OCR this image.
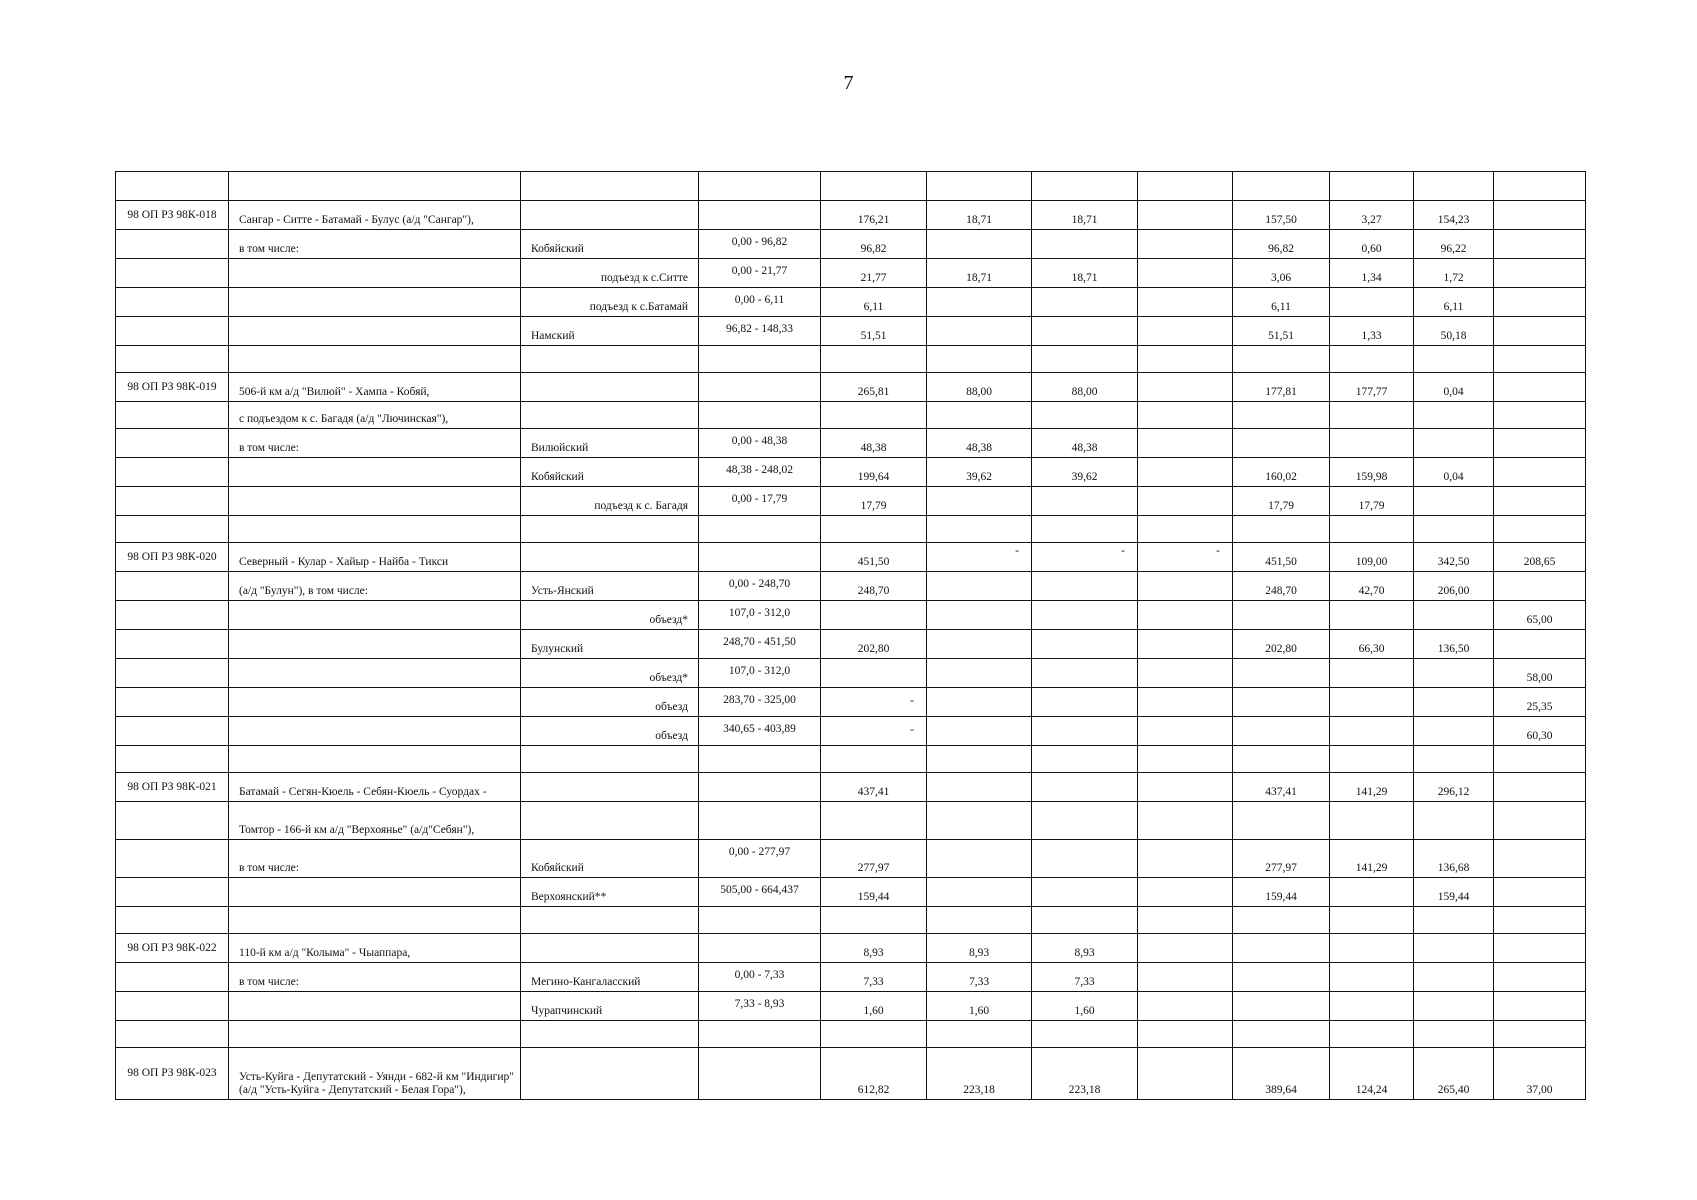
7

98 ОП РЗ 98К-018	Сангар - Ситте - Батамай - Булус (а/д "Сангар"),			176,21	18,71	18,71		157,50	3,27	154,23	
	в том числе:	Кобяйский	0,00 - 96,82	96,82				96,82	0,60	96,22	
		подъезд к с.Ситте	0,00 - 21,77	21,77	18,71	18,71		3,06	1,34	1,72	
		подъезд к с.Батамай	0,00 - 6,11	6,11				6,11		6,11	
		Намский	96,82 - 148,33	51,51				51,51	1,33	50,18	

98 ОП РЗ 98К-019	506-й км а/д "Вилюй" - Хампа - Кобяй,			265,81	88,00	88,00		177,81	177,77	0,04	
	с подъездом к с. Багадя (а/д "Лючинская"),										
	в том числе:	Вилюйский	0,00 - 48,38	48,38	48,38	48,38					
		Кобяйский	48,38 - 248,02	199,64	39,62	39,62		160,02	159,98	0,04	
		подъезд к с. Багадя	0,00 - 17,79	17,79				17,79	17,79		

98 ОП РЗ 98К-020	Северный - Кулар - Хайыр - Найба - Тикси			451,50	-	-	-	451,50	109,00	342,50	208,65
	(а/д "Булун"), в том числе:	Усть-Янский	0,00 - 248,70	248,70				248,70	42,70	206,00	
		объезд*	107,0 - 312,0								65,00
		Булунский	248,70 - 451,50	202,80				202,80	66,30	136,50	
		объезд*	107,0 - 312,0								58,00
		объезд	283,70 - 325,00	-							25,35
		объезд	340,65 - 403,89	-							60,30

98 ОП РЗ 98К-021	Батамай - Сегян-Кюель - Себян-Кюель - Суордах -			437,41				437,41	141,29	296,12	
	Томтор - 166-й км а/д "Верхоянье" (а/д"Себян"),										
	в том числе:	Кобяйский	0,00 - 277,97	277,97				277,97	141,29	136,68	
		Верхоянский**	505,00 - 664,437	159,44				159,44		159,44	

98 ОП РЗ 98К-022	110-й км а/д "Колыма" - Чыаппара,			8,93	8,93	8,93					
	в том числе:	Мегино-Кангаласский	0,00 - 7,33	7,33	7,33	7,33					
		Чурапчинский	7,33 - 8,93	1,60	1,60	1,60					

98 ОП РЗ 98К-023	Усть-Куйга - Депутатский - Уянди - 682-й км "Индигир" (а/д "Усть-Куйга - Депутатский - Белая Гора"),			612,82	223,18	223,18		389,64	124,24	265,40	37,00
